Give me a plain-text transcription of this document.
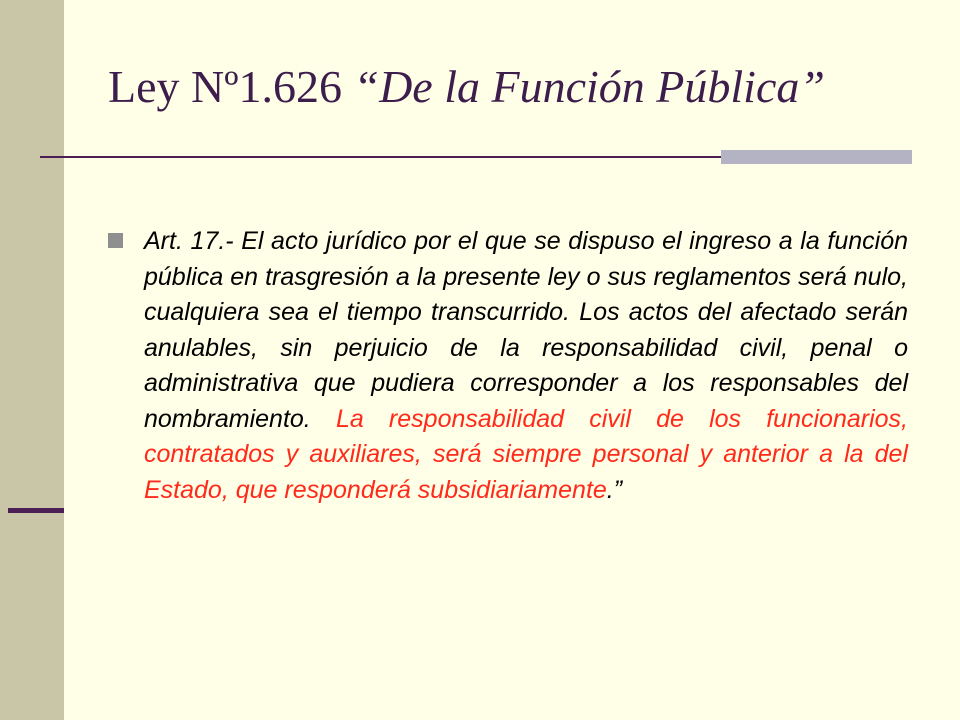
Ley Nº1.626 “De la Función Pública”

Art. 17.- El acto jurídico por el que se dispuso el ingreso a la función pública en trasgresión a la presente ley o sus reglamentos será nulo, cualquiera sea el tiempo transcurrido. Los actos del afectado serán anulables, sin perjuicio de la responsabilidad civil, penal o administrativa que pudiera corresponder a los responsables del nombramiento. La responsabilidad civil de los funcionarios, contratados y auxiliares, será siempre personal y anterior a la del Estado, que responderá subsidiariamente.”
